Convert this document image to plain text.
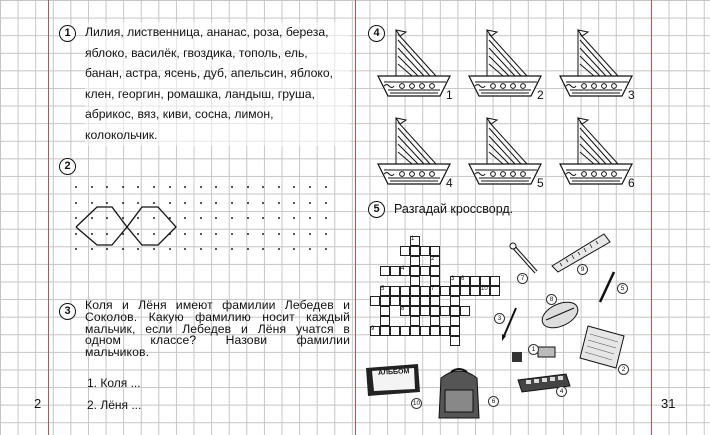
1	Лилия, лиственница, ананас, роза, береза,
яблоко, василёк, гвоздика, тополь, ель,
банан, астра, ясень, дуб, апельсин, яблоко,
клен, георгин, ромашка, ландыш, груша,
абрикос, вяз, киви, сосна, лимон,
колокольчик.
2
3	Коля и Лёня имеют фамилии Лебедев и
Соколов. Какую фамилию носит каждый
мальчик, если Лебедев и Лёня учатся в
одном классе? Назови фамилии
мальчиков.
1. Коля ...
2. Лёня ...
2	31
4
1	2	3
4	5	6
5	Разгадай кроссворд.
1
2
3
4
5
6
7
8
9
10
АЛЬБОМ
1
2
3
4
5
6
7
8
9
10
